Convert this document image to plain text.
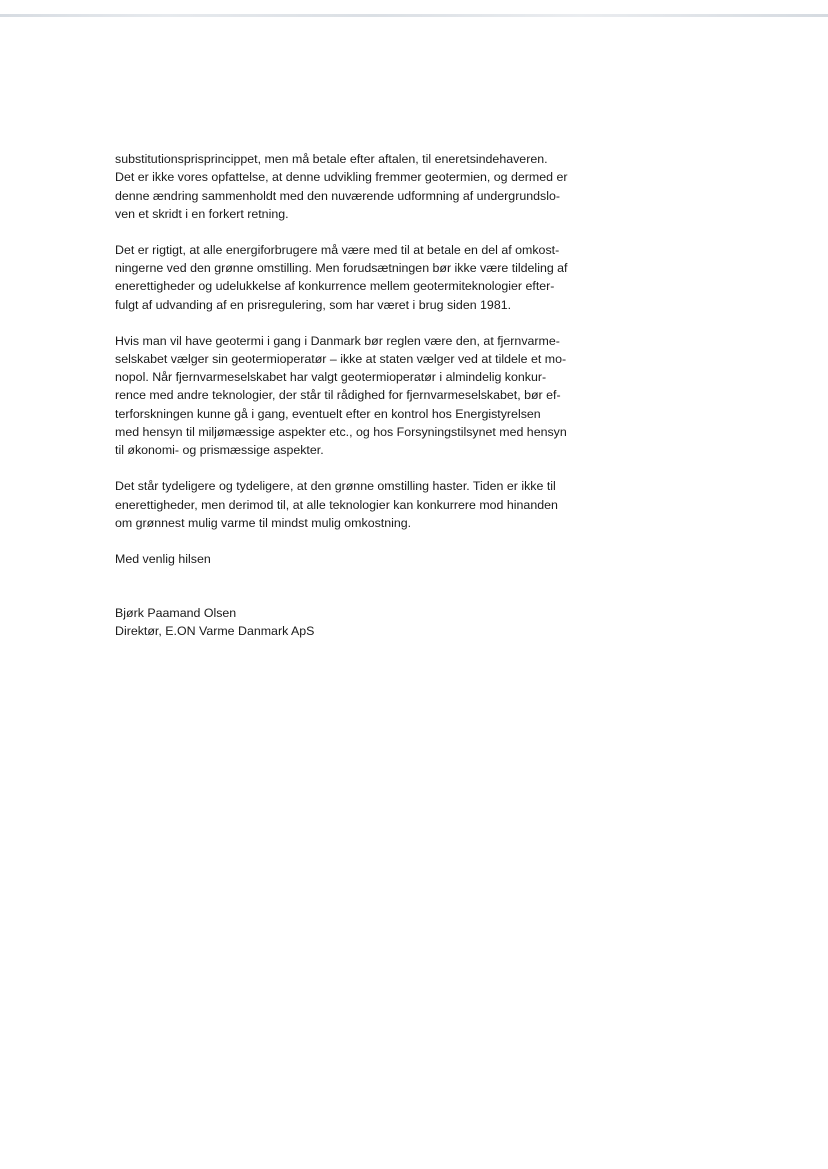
substitutionsprisprincippet, men må betale efter aftalen, til eneretsindehaveren.

Det er ikke vores opfattelse, at denne udvikling fremmer geotermien, og dermed er

denne ændring sammenholdt med den nuværende udformning af undergrundslo-

ven et skridt i en forkert retning.

Det er rigtigt, at alle energiforbrugere må være med til at betale en del af omkost-

ningerne ved den grønne omstilling. Men forudsætningen bør ikke være tildeling af

enerettigheder og udelukkelse af konkurrence mellem geotermiteknologier efter-

fulgt af udvanding af en prisregulering, som har været i brug siden 1981.

Hvis man vil have geotermi i gang i Danmark bør reglen være den, at fjernvarme-

selskabet vælger sin geotermioperatør – ikke at staten vælger ved at tildele et mo-

nopol. Når fjernvarmeselskabet har valgt geotermioperatør i almindelig konkur-

rence med andre teknologier, der står til rådighed for fjernvarmeselskabet, bør ef-

terforskningen kunne gå i gang, eventuelt efter en kontrol hos Energistyrelsen

med hensyn til miljømæssige aspekter etc., og hos Forsyningstilsynet med hensyn

til økonomi- og prismæssige aspekter.

Det står tydeligere og tydeligere, at den grønne omstilling haster. Tiden er ikke til

enerettigheder, men derimod til, at alle teknologier kan konkurrere mod hinanden

om grønnest mulig varme til mindst mulig omkostning.

Med venlig hilsen

Bjørk Paamand Olsen

Direktør, E.ON Varme Danmark ApS
